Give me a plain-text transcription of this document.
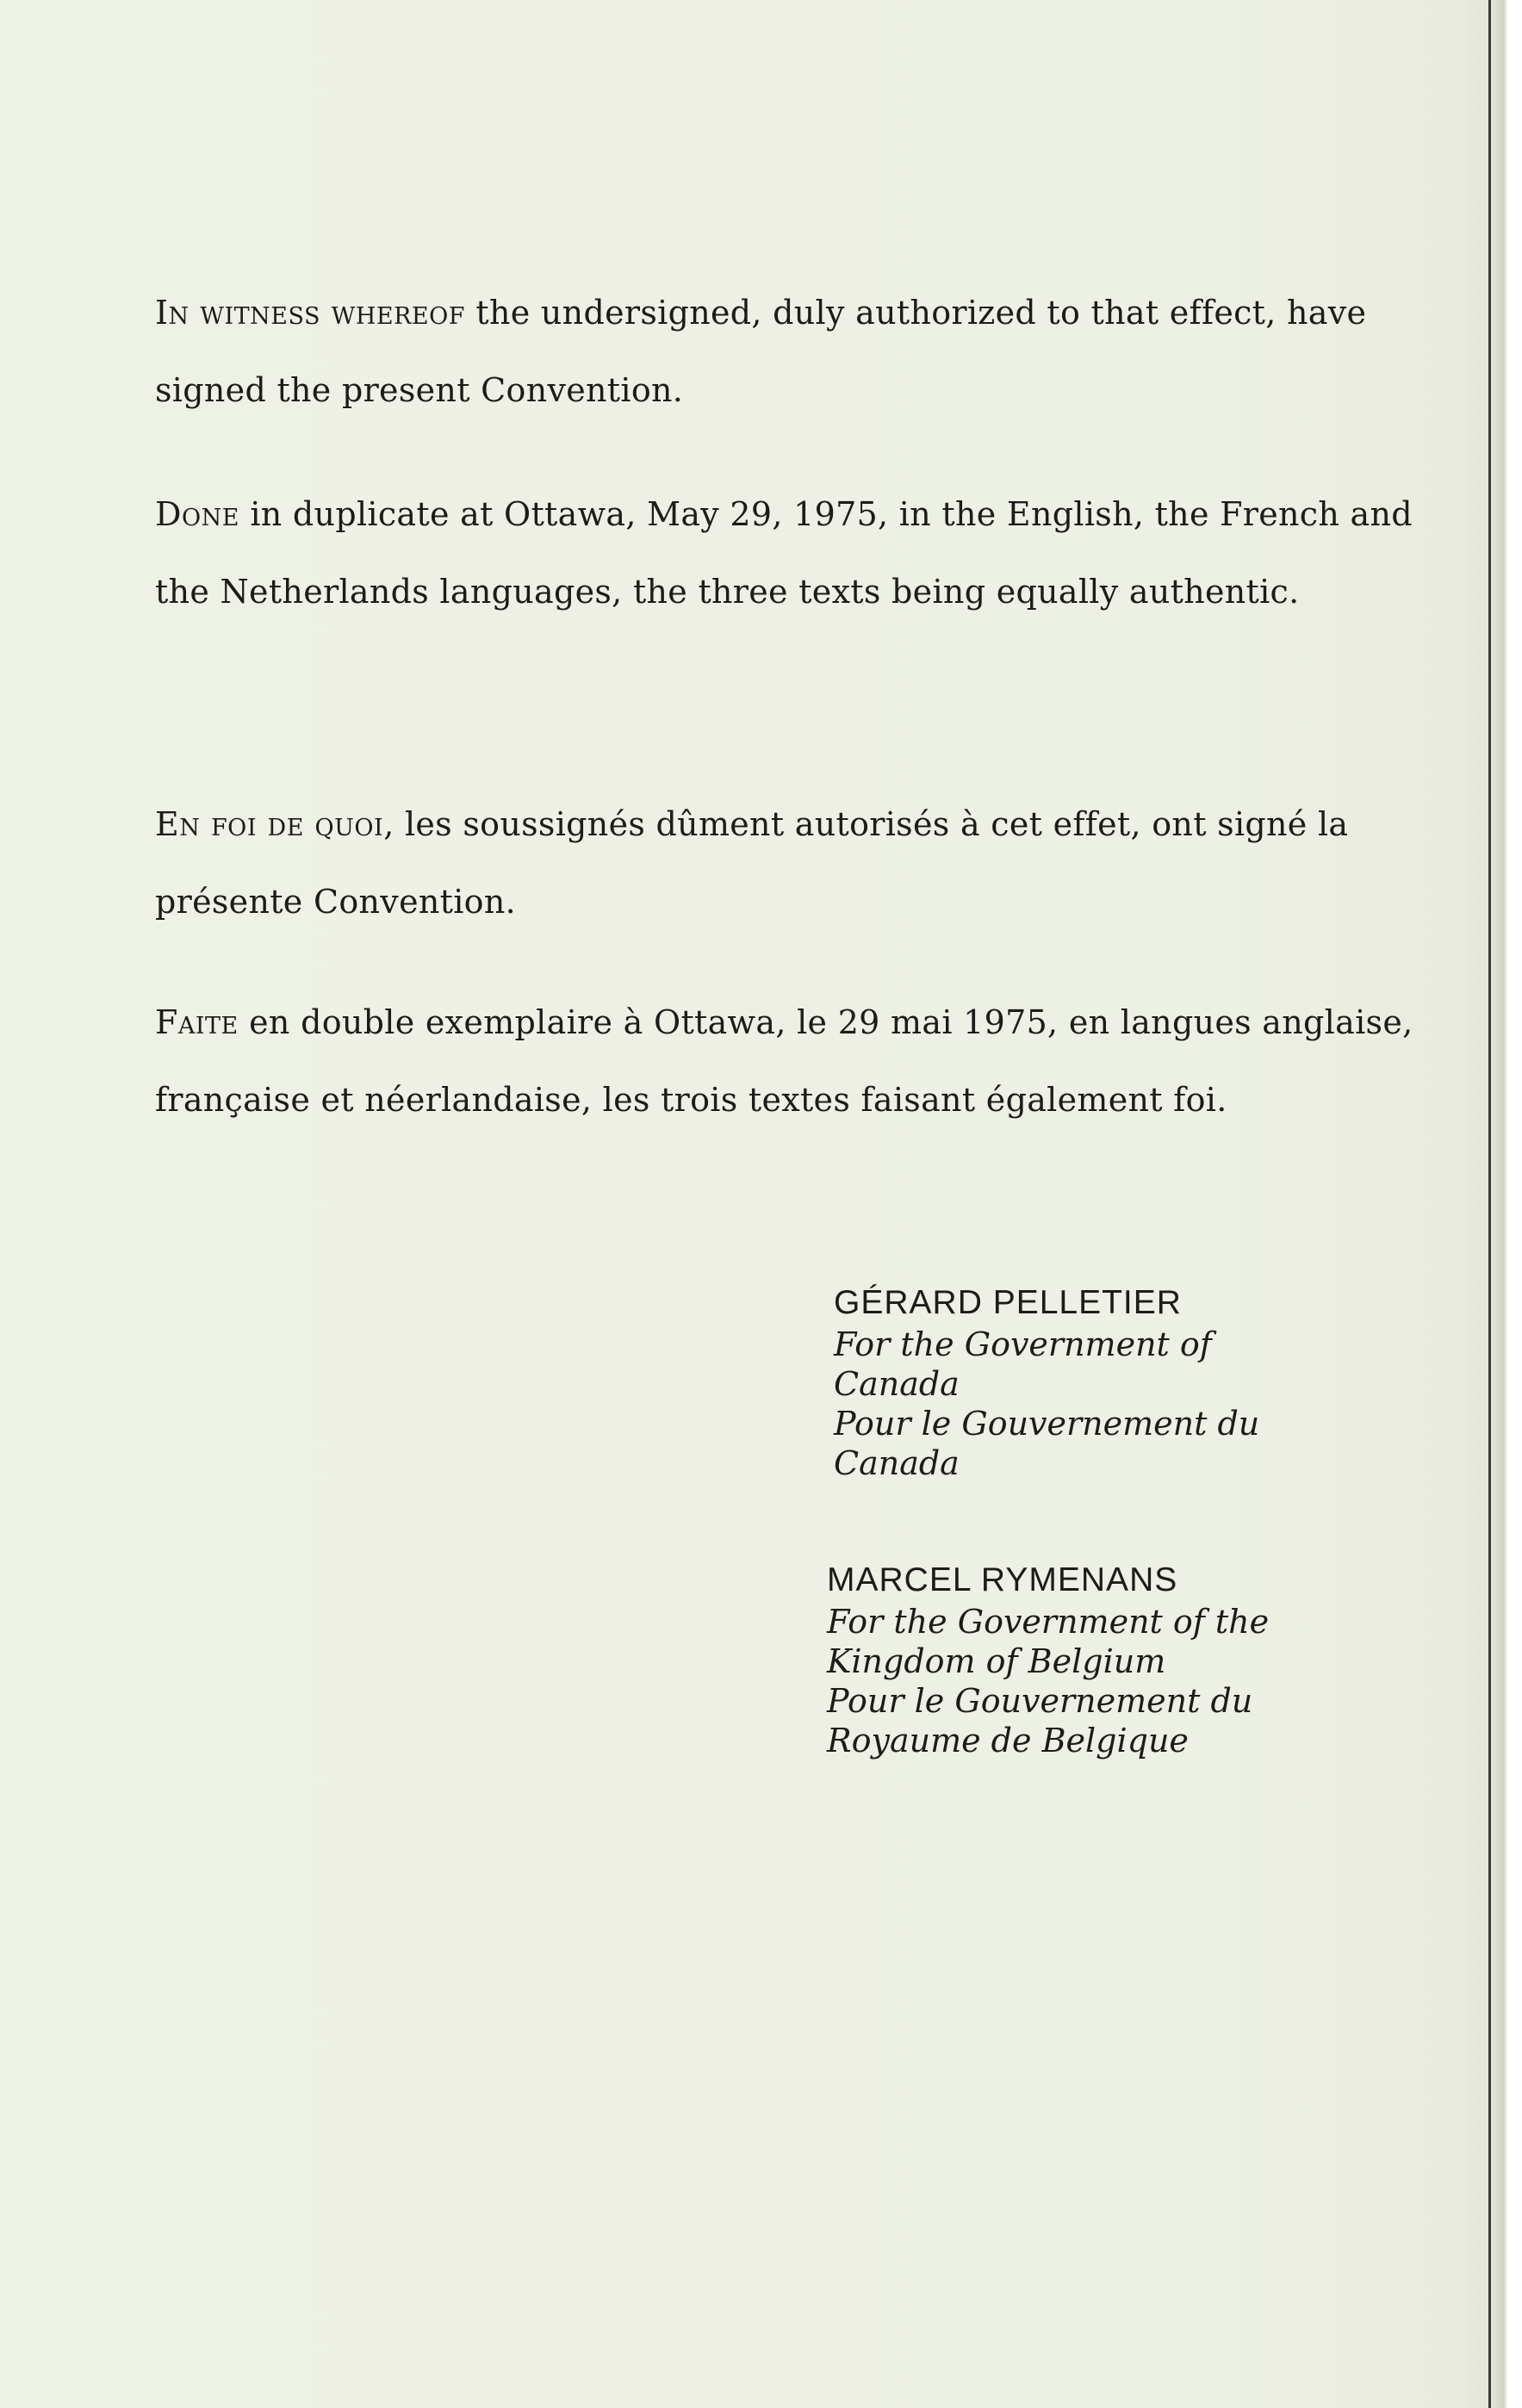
In witness whereof the undersigned, duly authorized to that effect, have signed the present Convention.

Done in duplicate at Ottawa, May 29, 1975, in the English, the French and the Netherlands languages, the three texts being equally authentic.

En foi de quoi, les soussignés dûment autorisés à cet effet, ont signé la présente Convention.

Faite en double exemplaire à Ottawa, le 29 mai 1975, en langues anglaise, française et néerlandaise, les trois textes faisant également foi.

GÉRARD PELLETIER
For the Government of
Canada
Pour le Gouvernement du
Canada
MARCEL RYMENANS
For the Government of the
Kingdom of Belgium
Pour le Gouvernement du
Royaume de Belgique
